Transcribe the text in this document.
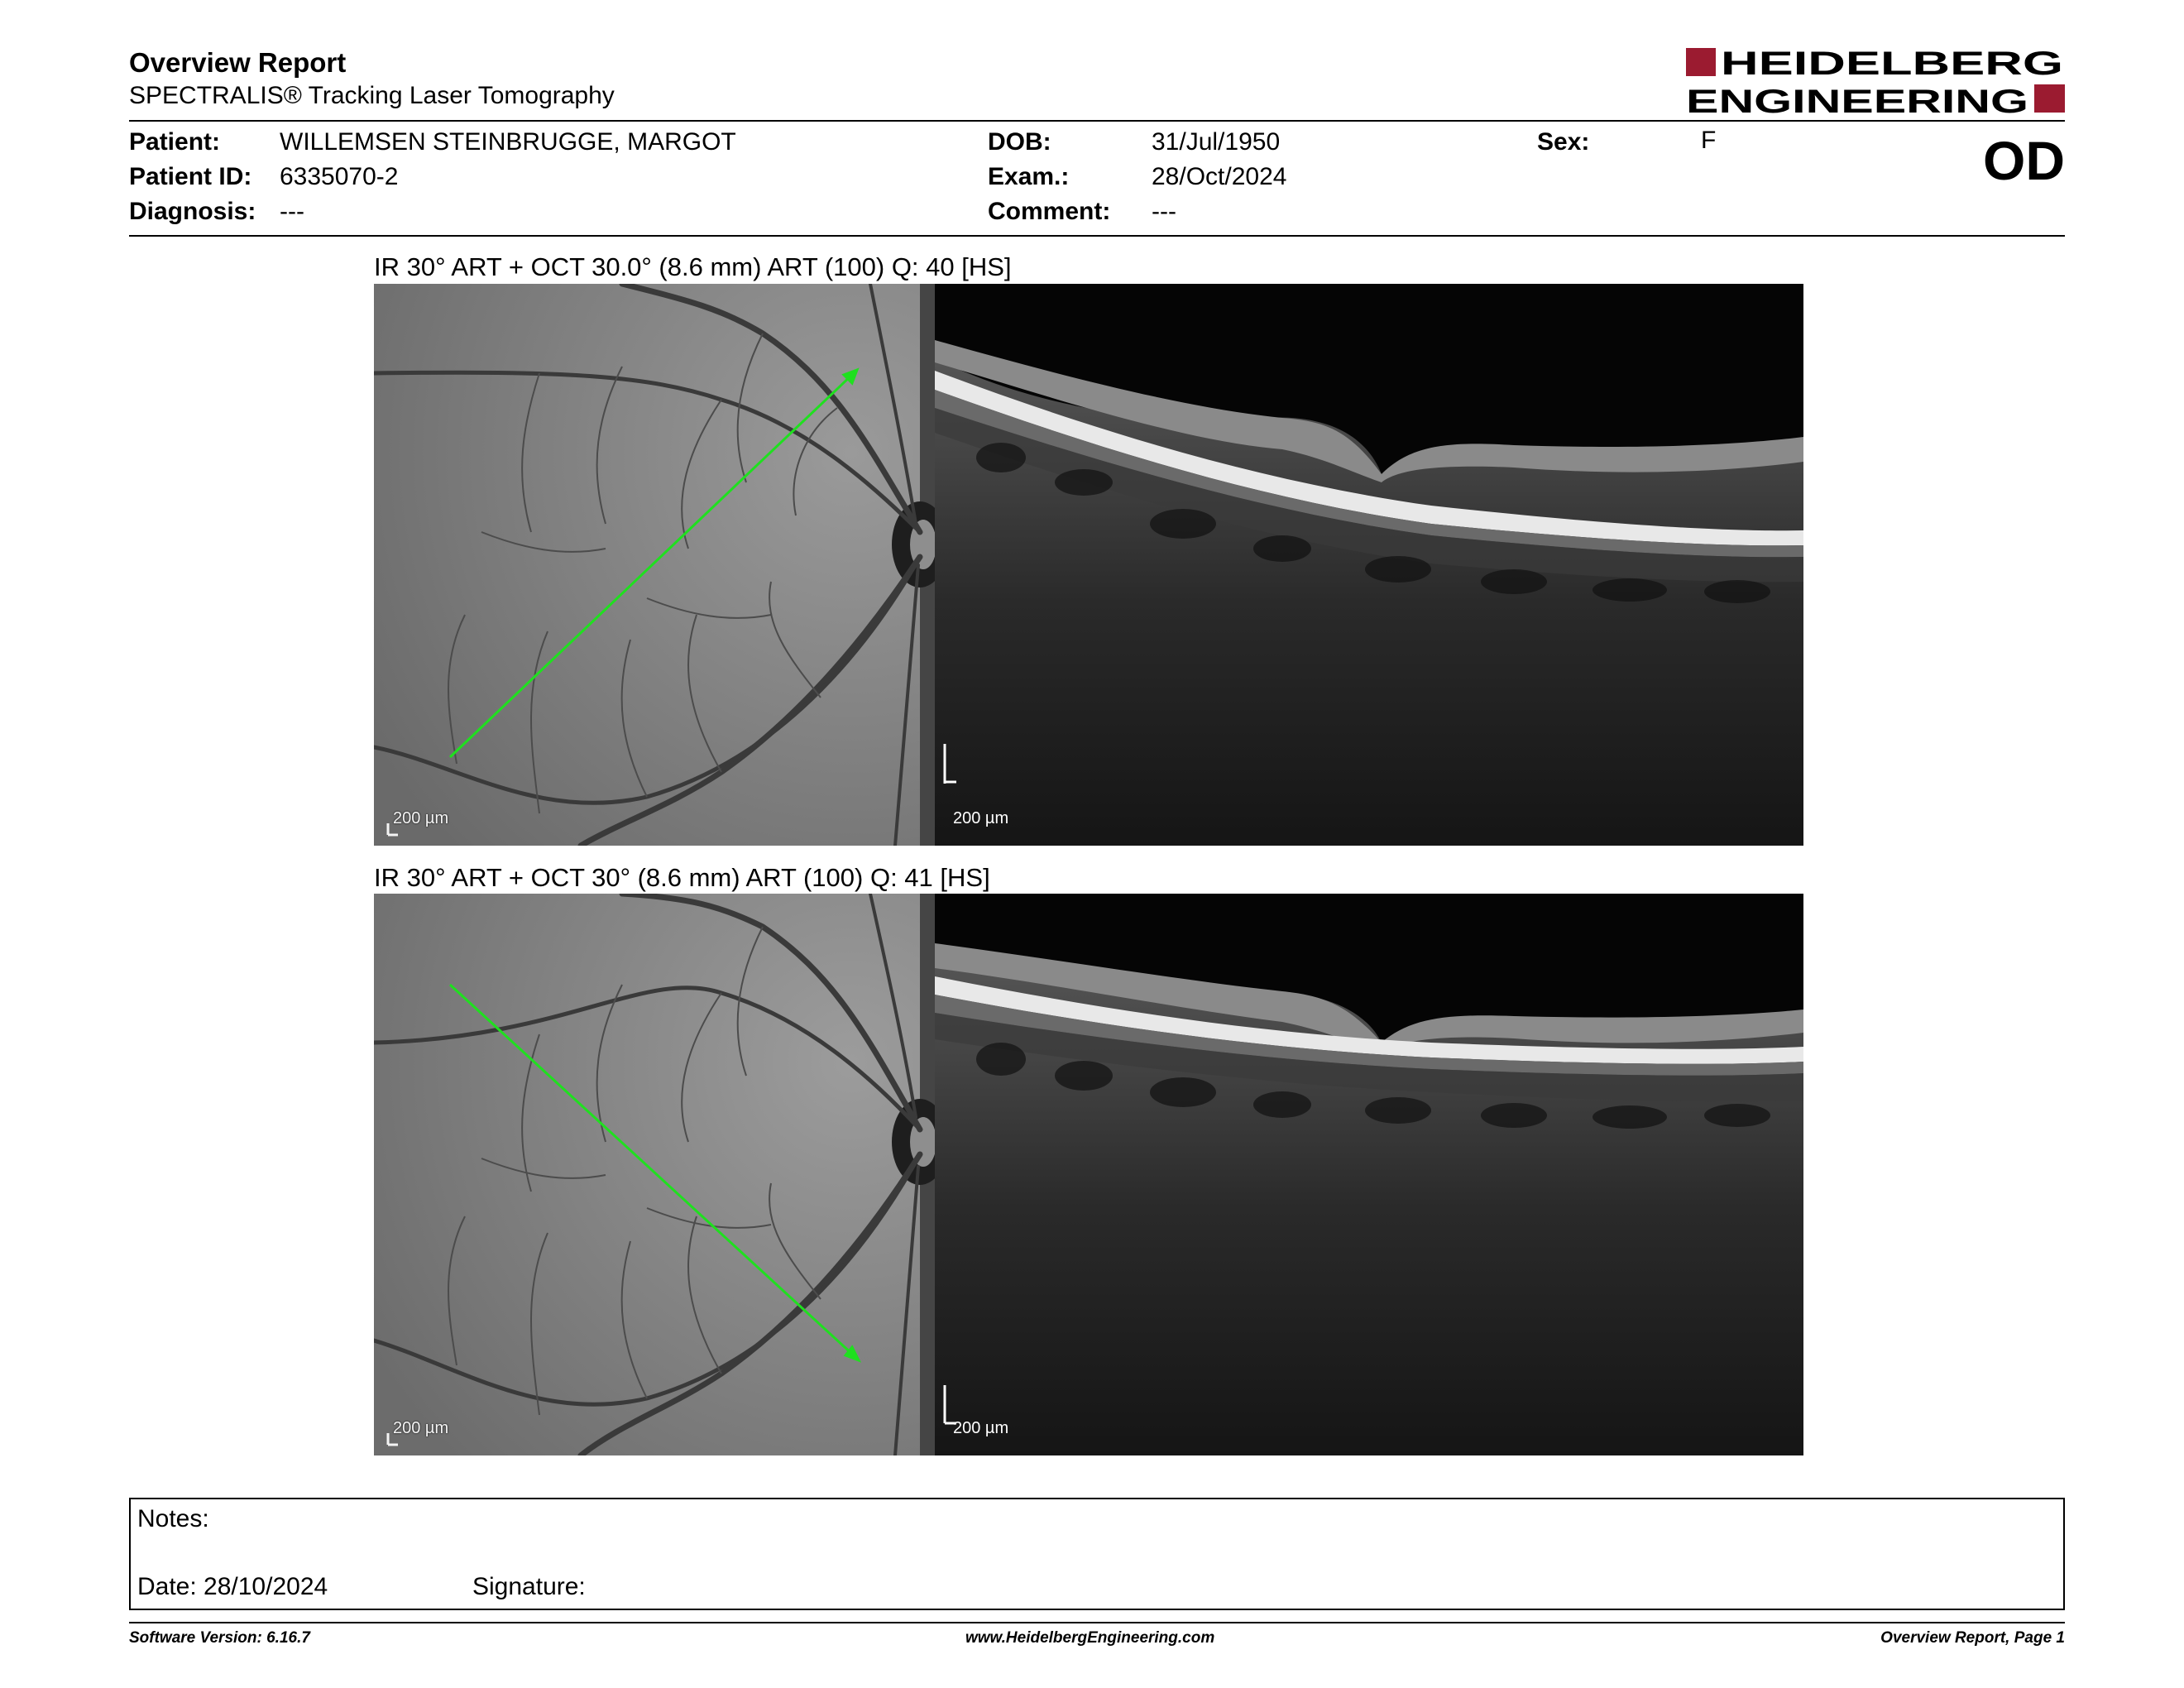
Overview Report
SPECTRALIS® Tracking Laser Tomography
HEIDELBERG
ENGINEERING
Patient: WILLEMSEN STEINBRUGGE, MARGOT
Patient ID: 6335070-2
Diagnosis: ---
DOB:	31/Jul/1950
Exam.:	28/Oct/2024
Comment: ---
Sex:	F	OD
IR 30° ART + OCT 30.0° (8.6 mm) ART (100) Q: 40 [HS]
200 µm	200 µm
IR 30° ART + OCT 30° (8.6 mm) ART (100) Q: 41 [HS]
200 µm	200 µm
Notes:
Date: 28/10/2024	Signature:
Software Version: 6.16.7	www.HeidelbergEngineering.com	Overview Report, Page 1
